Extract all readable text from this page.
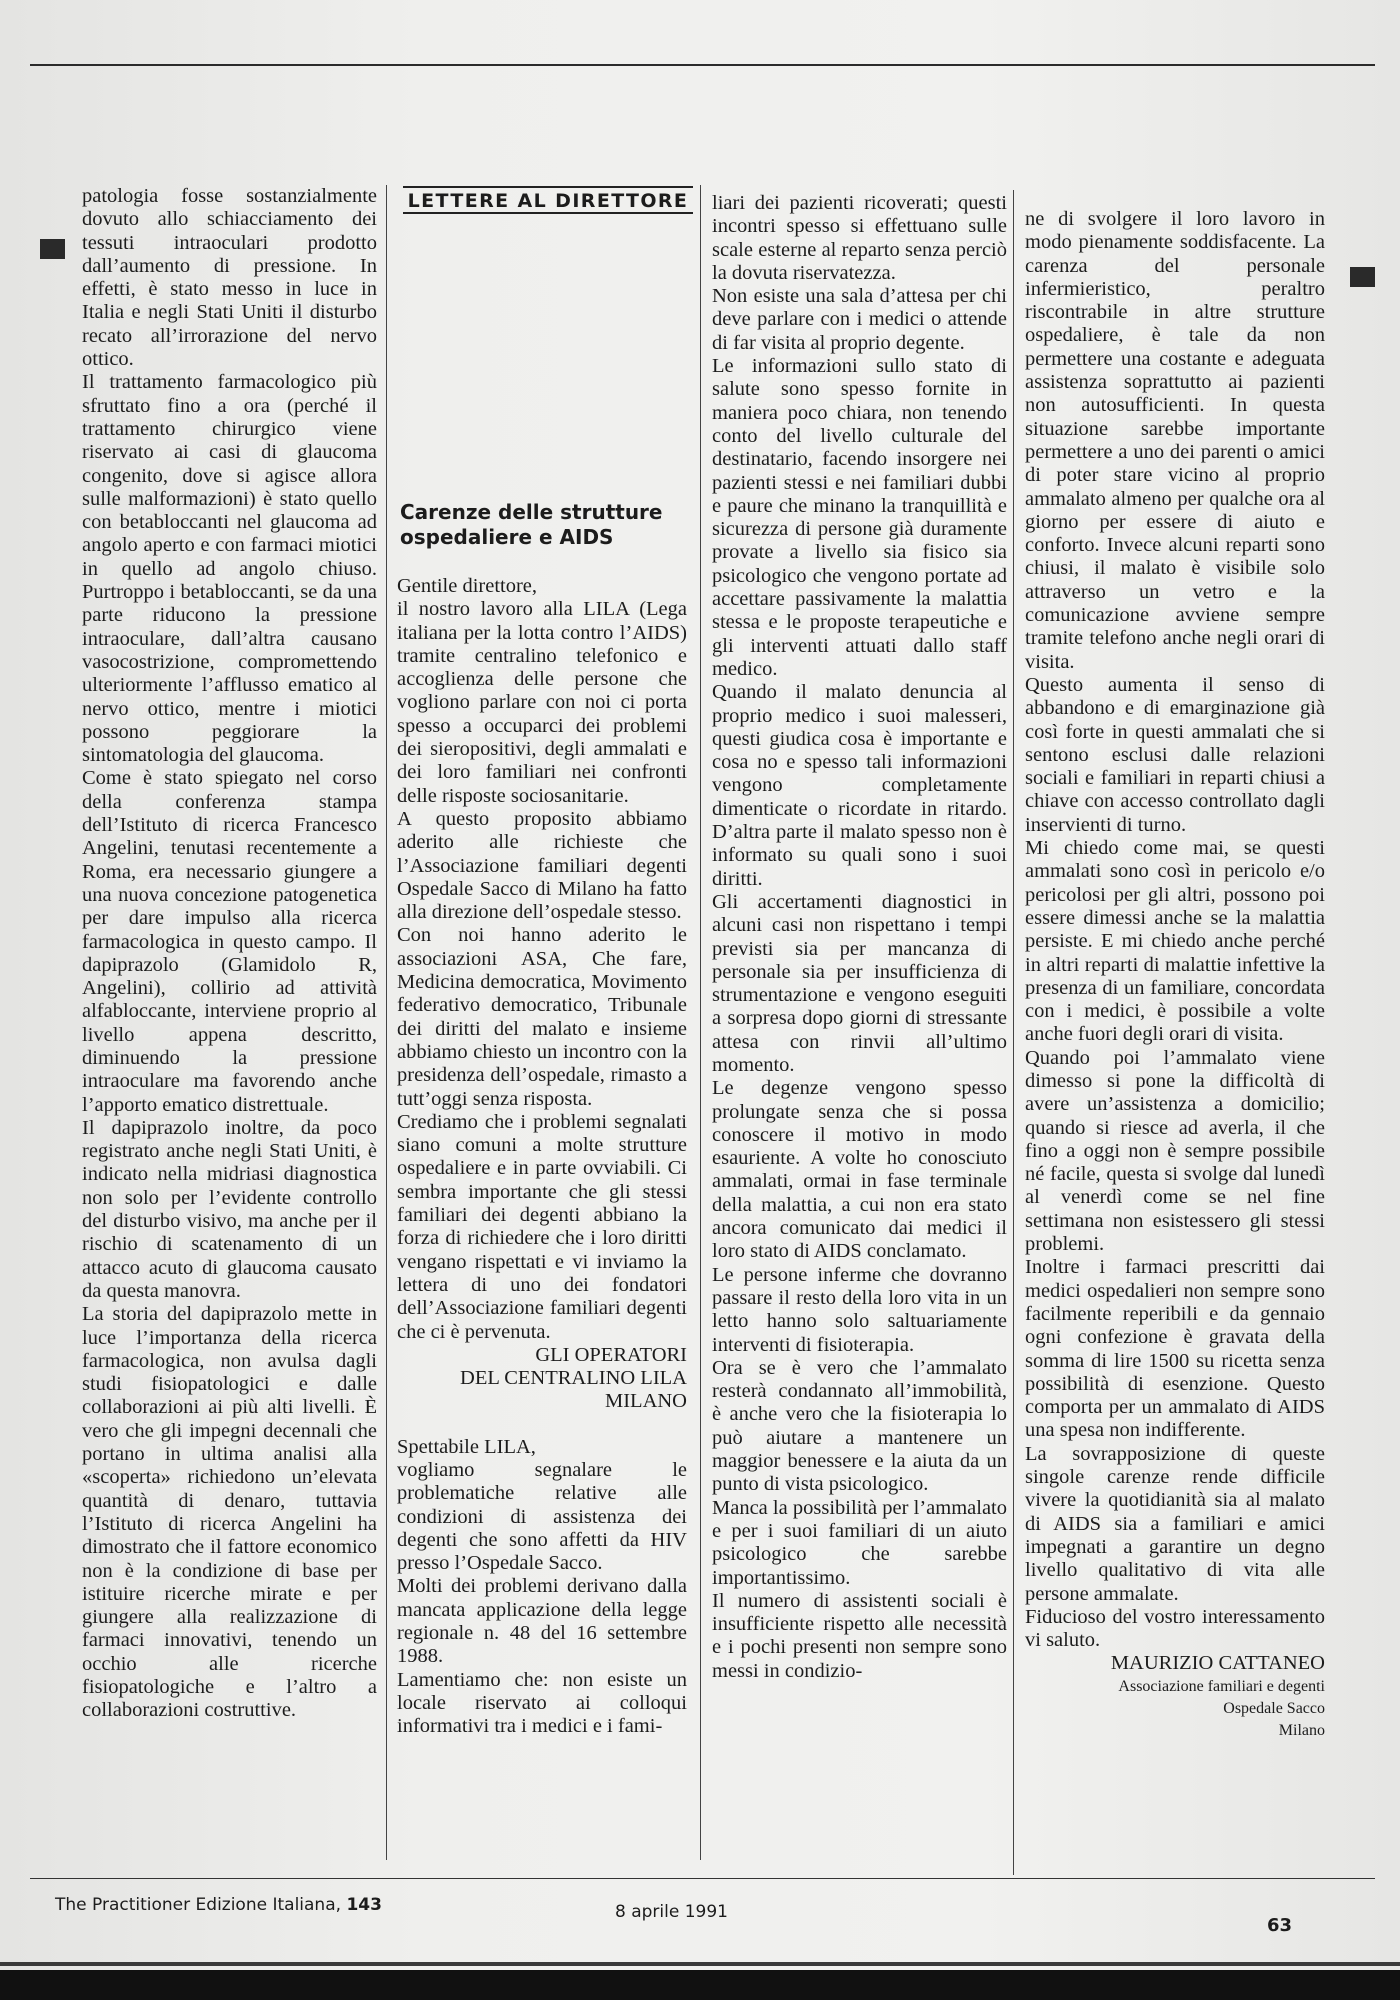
patologia fosse sostanzialmente dovuto allo schiacciamento dei tessuti intraoculari prodotto dall’aumento di pressione. In effetti, è stato messo in luce in Italia e negli Stati Uniti il disturbo recato all’irrorazione del nervo ottico.

Il trattamento farmacologico più sfruttato fino a ora (perché il trattamento chirurgico viene riservato ai casi di glaucoma congenito, dove si agisce allora sulle malformazioni) è stato quello con betabloccanti nel glaucoma ad angolo aperto e con farmaci miotici in quello ad angolo chiuso. Purtroppo i betabloccanti, se da una parte riducono la pressione intraoculare, dall’altra causano vasocostrizione, compromettendo ulteriormente l’afflusso ematico al nervo ottico, mentre i miotici possono peggiorare la sintomatologia del glaucoma.

Come è stato spiegato nel corso della conferenza stampa dell’Istituto di ricerca Francesco Angelini, tenutasi recentemente a Roma, era necessario giungere a una nuova concezione patogenetica per dare impulso alla ricerca farmacologica in questo campo. Il dapiprazolo (Glamidolo R, Angelini), collirio ad attività alfabloccante, interviene proprio al livello appena descritto, diminuendo la pressione intraoculare ma favorendo anche l’apporto ematico distrettuale.

Il dapiprazolo inoltre, da poco registrato anche negli Stati Uniti, è indicato nella midriasi diagnostica non solo per l’evidente controllo del disturbo visivo, ma anche per il rischio di scatenamento di un attacco acuto di glaucoma causato da questa manovra.

La storia del dapiprazolo mette in luce l’importanza della ricerca farmacologica, non avulsa dagli studi fisiopatologici e dalle collaborazioni ai più alti livelli. È vero che gli impegni decennali che portano in ultima analisi alla «scoperta» richiedono un’elevata quantità di denaro, tuttavia l’Istituto di ricerca Angelini ha dimostrato che il fattore economico non è la condizione di base per istituire ricerche mirate e per giungere alla realizzazione di farmaci innovativi, tenendo un occhio alle ricerche fisiopatologiche e l’altro a collaborazioni costruttive.

LETTERE AL DIRETTORE
Carenze delle strutture ospedaliere e AIDS

Gentile direttore,

il nostro lavoro alla LILA (Lega italiana per la lotta contro l’AIDS) tramite centralino telefonico e accoglienza delle persone che vogliono parlare con noi ci porta spesso a occuparci dei problemi dei sieropositivi, degli ammalati e dei loro familiari nei confronti delle risposte sociosanitarie.

A questo proposito abbiamo aderito alle richieste che l’Associazione familiari degenti Ospedale Sacco di Milano ha fatto alla direzione dell’ospedale stesso.

Con noi hanno aderito le associazioni ASA, Che fare, Medicina democratica, Movimento federativo democratico, Tribunale dei diritti del malato e insieme abbiamo chiesto un incontro con la presidenza dell’ospedale, rimasto a tutt’oggi senza risposta.

Crediamo che i problemi segnalati siano comuni a molte strutture ospedaliere e in parte ovviabili. Ci sembra importante che gli stessi familiari dei degenti abbiano la forza di richiedere che i loro diritti vengano rispettati e vi inviamo la lettera di uno dei fondatori dell’Associazione familiari degenti che ci è pervenuta.

GLI OPERATORI

DEL CENTRALINO LILA

MILANO

Spettabile LILA,

vogliamo segnalare le problematiche relative alle condizioni di assistenza dei degenti che sono affetti da HIV presso l’Ospedale Sacco.

Molti dei problemi derivano dalla mancata applicazione della legge regionale n. 48 del 16 settembre 1988.

Lamentiamo che: non esiste un locale riservato ai colloqui informativi tra i medici e i fami-

liari dei pazienti ricoverati; questi incontri spesso si effettuano sulle scale esterne al reparto senza perciò la dovuta riservatezza.

Non esiste una sala d’attesa per chi deve parlare con i medici o attende di far visita al proprio degente.

Le informazioni sullo stato di salute sono spesso fornite in maniera poco chiara, non tenendo conto del livello culturale del destinatario, facendo insorgere nei pazienti stessi e nei familiari dubbi e paure che minano la tranquillità e sicurezza di persone già duramente provate a livello sia fisico sia psicologico che vengono portate ad accettare passivamente la malattia stessa e le proposte terapeutiche e gli interventi attuati dallo staff medico.

Quando il malato denuncia al proprio medico i suoi malesseri, questi giudica cosa è importante e cosa no e spesso tali informazioni vengono completamente dimenticate o ricordate in ritardo. D’altra parte il malato spesso non è informato su quali sono i suoi diritti.

Gli accertamenti diagnostici in alcuni casi non rispettano i tempi previsti sia per mancanza di personale sia per insufficienza di strumentazione e vengono eseguiti a sorpresa dopo giorni di stressante attesa con rinvii all’ultimo momento.

Le degenze vengono spesso prolungate senza che si possa conoscere il motivo in modo esauriente. A volte ho conosciuto ammalati, ormai in fase terminale della malattia, a cui non era stato ancora comunicato dai medici il loro stato di AIDS conclamato.

Le persone inferme che dovranno passare il resto della loro vita in un letto hanno solo saltuariamente interventi di fisioterapia.

Ora se è vero che l’ammalato resterà condannato all’immobilità, è anche vero che la fisioterapia lo può aiutare a mantenere un maggior benessere e la aiuta da un punto di vista psicologico.

Manca la possibilità per l’ammalato e per i suoi familiari di un aiuto psicologico che sarebbe importantissimo.

Il numero di assistenti sociali è insufficiente rispetto alle necessità e i pochi presenti non sempre sono messi in condizio-

ne di svolgere il loro lavoro in modo pienamente soddisfacente. La carenza del personale infermieristico, peraltro riscontrabile in altre strutture ospedaliere, è tale da non permettere una costante e adeguata assistenza soprattutto ai pazienti non autosufficienti. In questa situazione sarebbe importante permettere a uno dei parenti o amici di poter stare vicino al proprio ammalato almeno per qualche ora al giorno per essere di aiuto e conforto. Invece alcuni reparti sono chiusi, il malato è visibile solo attraverso un vetro e la comunicazione avviene sempre tramite telefono anche negli orari di visita.

Questo aumenta il senso di abbandono e di emarginazione già così forte in questi ammalati che si sentono esclusi dalle relazioni sociali e familiari in reparti chiusi a chiave con accesso controllato dagli inservienti di turno.

Mi chiedo come mai, se questi ammalati sono così in pericolo e/o pericolosi per gli altri, possono poi essere dimessi anche se la malattia persiste. E mi chiedo anche perché in altri reparti di malattie infettive la presenza di un familiare, concordata con i medici, è possibile a volte anche fuori degli orari di visita.

Quando poi l’ammalato viene dimesso si pone la difficoltà di avere un’assistenza a domicilio; quando si riesce ad averla, il che fino a oggi non è sempre possibile né facile, questa si svolge dal lunedì al venerdì come se nel fine settimana non esistessero gli stessi problemi.

Inoltre i farmaci prescritti dai medici ospedalieri non sempre sono facilmente reperibili e da gennaio ogni confezione è gravata della somma di lire 1500 su ricetta senza possibilità di esenzione. Questo comporta per un ammalato di AIDS una spesa non indifferente.

La sovrapposizione di queste singole carenze rende difficile vivere la quotidianità sia al malato di AIDS sia a familiari e amici impegnati a garantire un degno livello qualitativo di vita alle persone ammalate.

Fiducioso del vostro interessamento vi saluto.

MAURIZIO CATTANEO

Associazione familiari e degenti

Ospedale Sacco

Milano

The Practitioner Edizione Italiana, 143	8 aprile 1991
63
